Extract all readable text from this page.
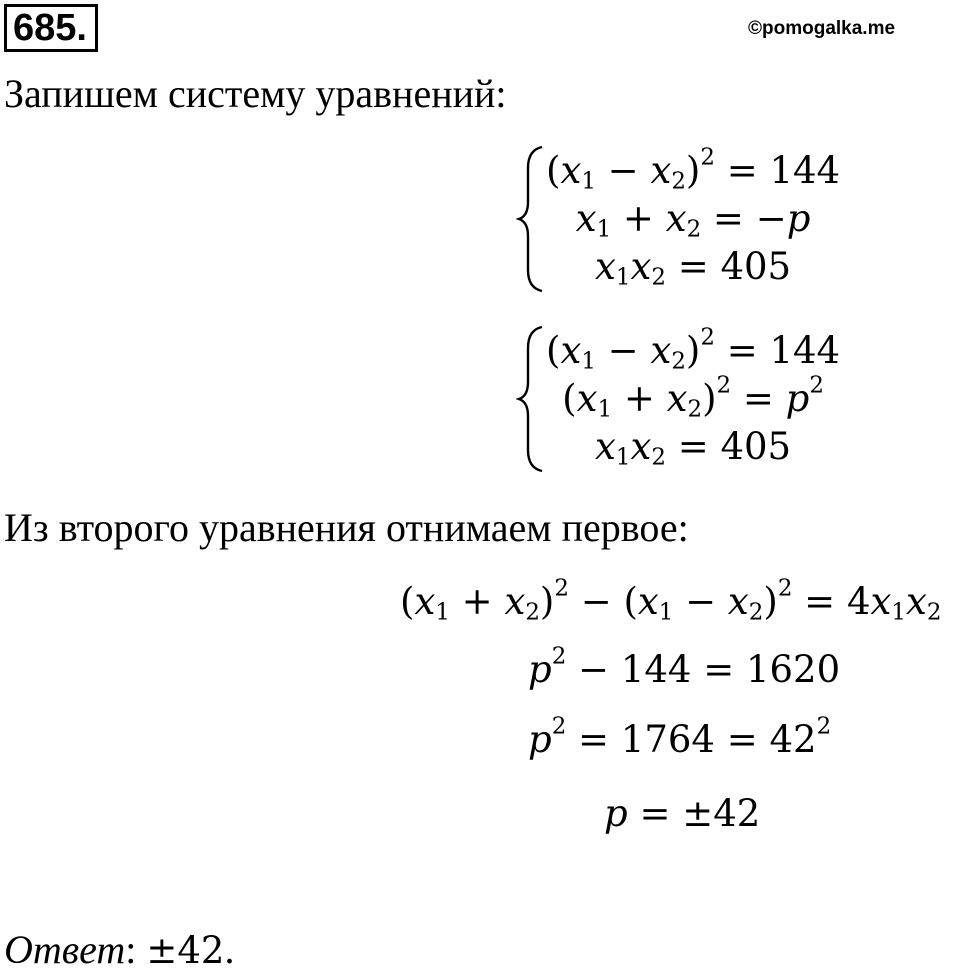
685.	©pomogalka.me
Запишем систему уравнений:
$(x_1 - x_2)^2 = 144$
$x_1 + x_2 = -p$
$x_1x_2 = 405$
$(x_1 - x_2)^2 = 144$
$(x_1 + x_2)^2 = p^2$
$x_1x_2 = 405$
Из второго уравнения отнимаем первое:
$(x_1 + x_2)^2 - (x_1 - x_2)^2 = 4x_1x_2$
$p^2 - 144 = 1620$
$p^2 = 1764 = 42^2$
p = ±42
Ответ: ±42.
